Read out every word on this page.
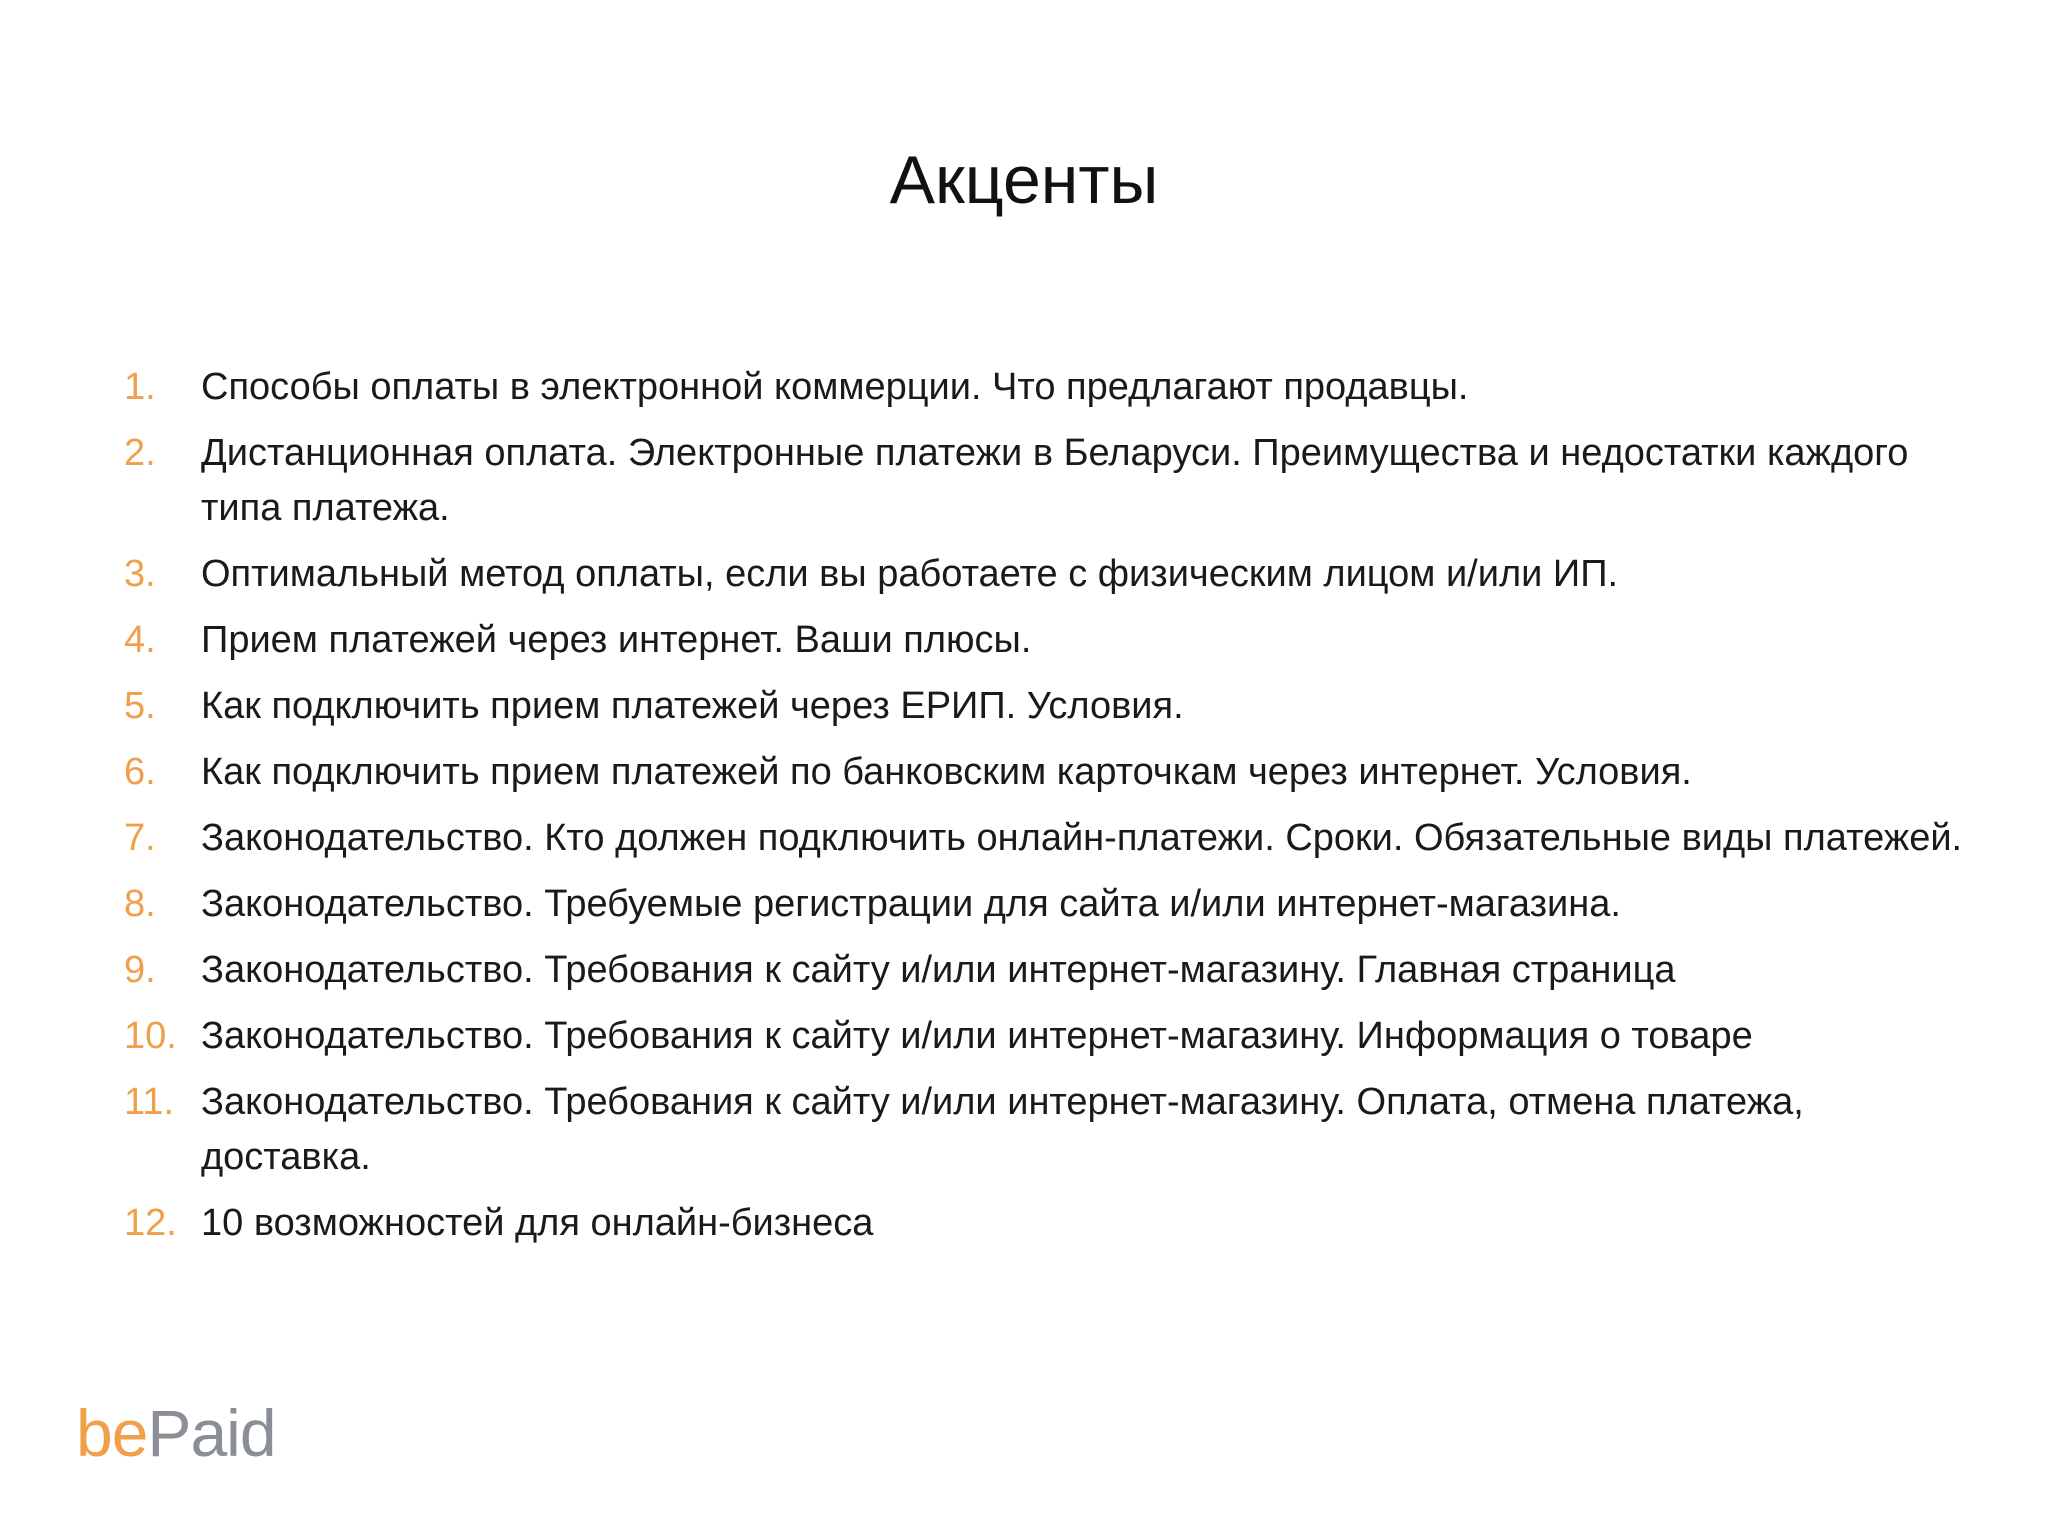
Акценты
1.	Способы оплаты в электронной коммерции. Что предлагают продавцы.
2.	Дистанционная оплата. Электронные платежи в Беларуси. Преимущества и недостатки каждого типа платежа.
3.	Оптимальный метод оплаты, если вы работаете с физическим лицом и/или ИП.
4.	Прием платежей через интернет. Ваши плюсы.
5.	Как подключить прием платежей через ЕРИП. Условия.
6.	Как подключить прием платежей по банковским карточкам через интернет. Условия.
7.	Законодательство. Кто должен подключить онлайн-платежи. Сроки. Обязательные виды платежей.
8.	Законодательство. Требуемые регистрации для сайта и/или интернет-магазина.
9.	Законодательство. Требования к сайту и/или интернет-магазину. Главная страница
10. Законодательство. Требования к сайту и/или интернет-магазину. Информация о товаре
11. Законодательство. Требования к сайту и/или интернет-магазину. Оплата, отмена платежа, доставка.
12. 10 возможностей для онлайн-бизнеса
bePaid
